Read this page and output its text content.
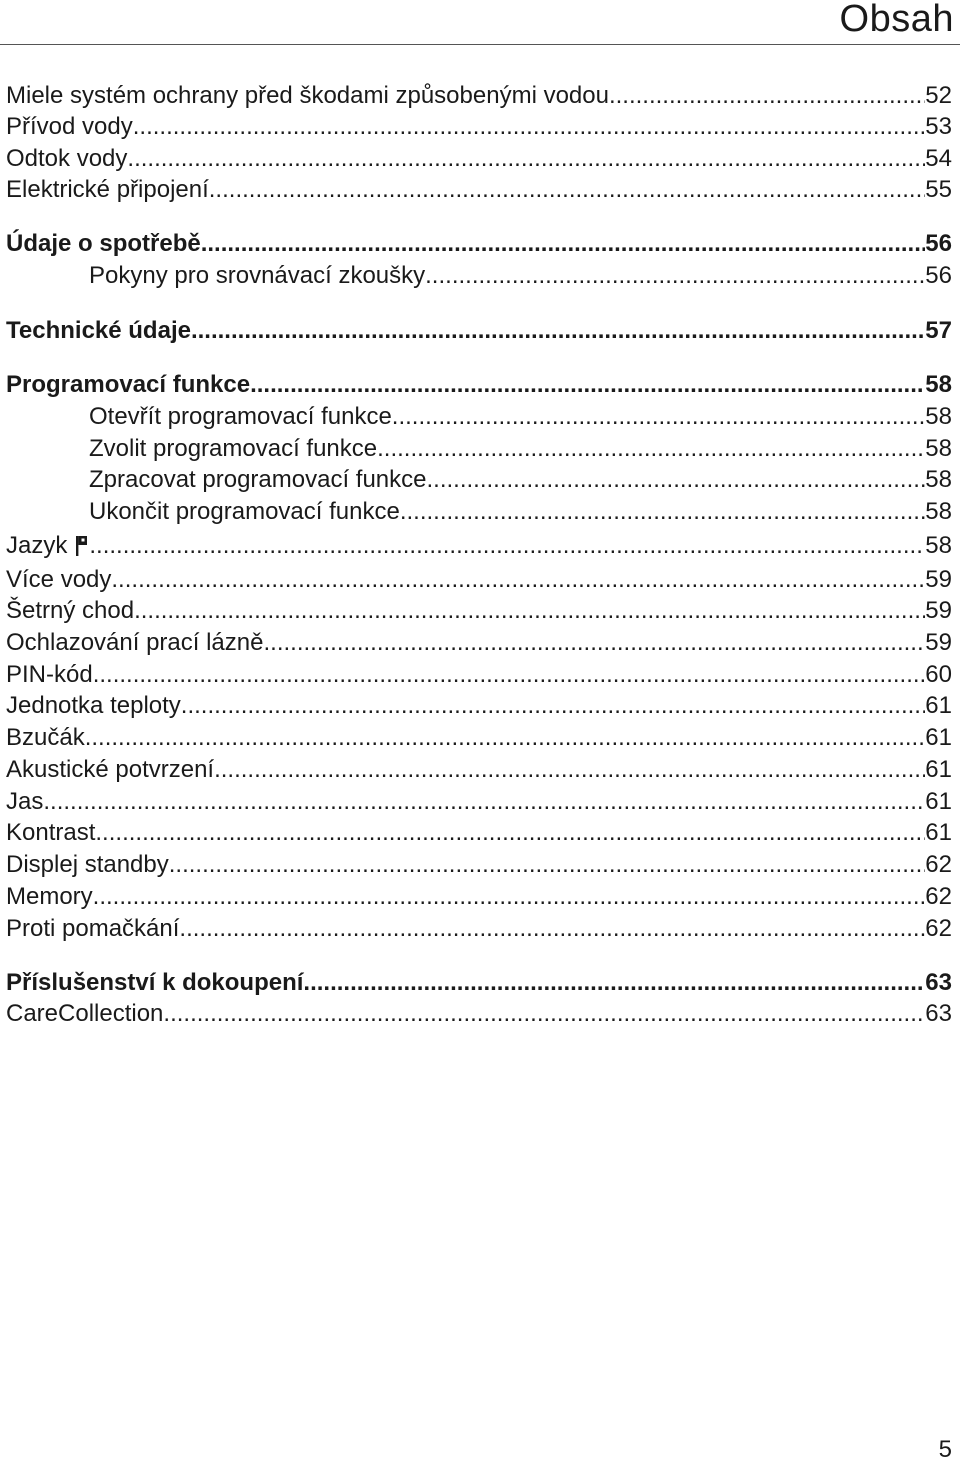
Obsah
Miele systém ochrany před škodami způsobenými vodou .....	52
Přívod vody .....	53
Odtok vody .....	54
Elektrické připojení .....	55
Údaje o spotřebě .....	56
Pokyny pro srovnávací zkoušky .....	56
Technické údaje .....	57
Programovací funkce .....	58
Otevřít programovací funkce .....	58
Zvolit programovací funkce .....	58
Zpracovat programovací funkce .....	58
Ukončit programovací funkce .....	58
Jazyk .....	58
Více vody .....	59
Šetrný chod .....	59
Ochlazování prací lázně .....	59
PIN-kód .....	60
Jednotka teploty .....	61
Bzučák .....	61
Akustické potvrzení .....	61
Jas .....	61
Kontrast .....	61
Displej standby .....	62
Memory .....	62
Proti pomačkání .....	62
Příslušenství k dokoupení .....	63
CareCollection .....	63
5
